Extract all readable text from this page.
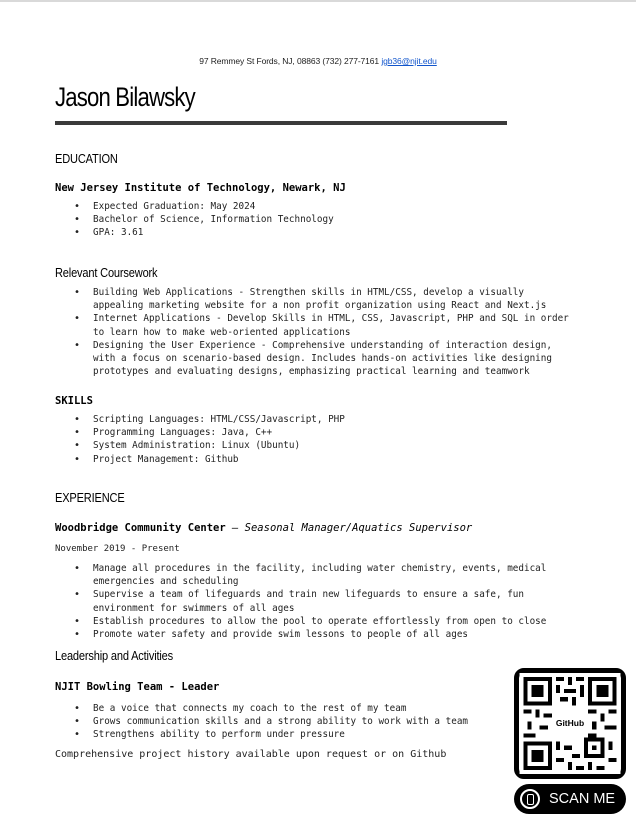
97 Remmey St Fords, NJ, 08863 (732) 277-7161 jgb36@njit.edu
Jason Bilawsky
EDUCATION
New Jersey Institute of Technology, Newark, NJ
• Expected Graduation: May 2024
• Bachelor of Science, Information Technology
• GPA: 3.61
Relevant Coursework
• Building Web Applications - Strengthen skills in HTML/CSS, develop a visually
appealing marketing website for a non profit organization using React and Next.js
• Internet Applications - Develop Skills in HTML, CSS, Javascript, PHP and SQL in order
to learn how to make web-oriented applications
• Designing the User Experience - Comprehensive understanding of interaction design,
with a focus on scenario-based design. Includes hands-on activities like designing
prototypes and evaluating designs, emphasizing practical learning and teamwork
SKILLS
• Scripting Languages: HTML/CSS/Javascript, PHP
• Programming Languages: Java, C++
• System Administration: Linux (Ubuntu)
• Project Management: Github
EXPERIENCE
Woodbridge Community Center — Seasonal Manager/Aquatics Supervisor
November 2019 - Present
• Manage all procedures in the facility, including water chemistry, events, medical
emergencies and scheduling
• Supervise a team of lifeguards and train new lifeguards to ensure a safe, fun
environment for swimmers of all ages
• Establish procedures to allow the pool to operate effortlessly from open to close
• Promote water safety and provide swim lessons to people of all ages
Leadership and Activities
NJIT Bowling Team - Leader
• Be a voice that connects my coach to the rest of my team
• Grows communication skills and a strong ability to work with a team
• Strengthens ability to perform under pressure
Comprehensive project history available upon request or on Github
GitHub
SCAN ME
